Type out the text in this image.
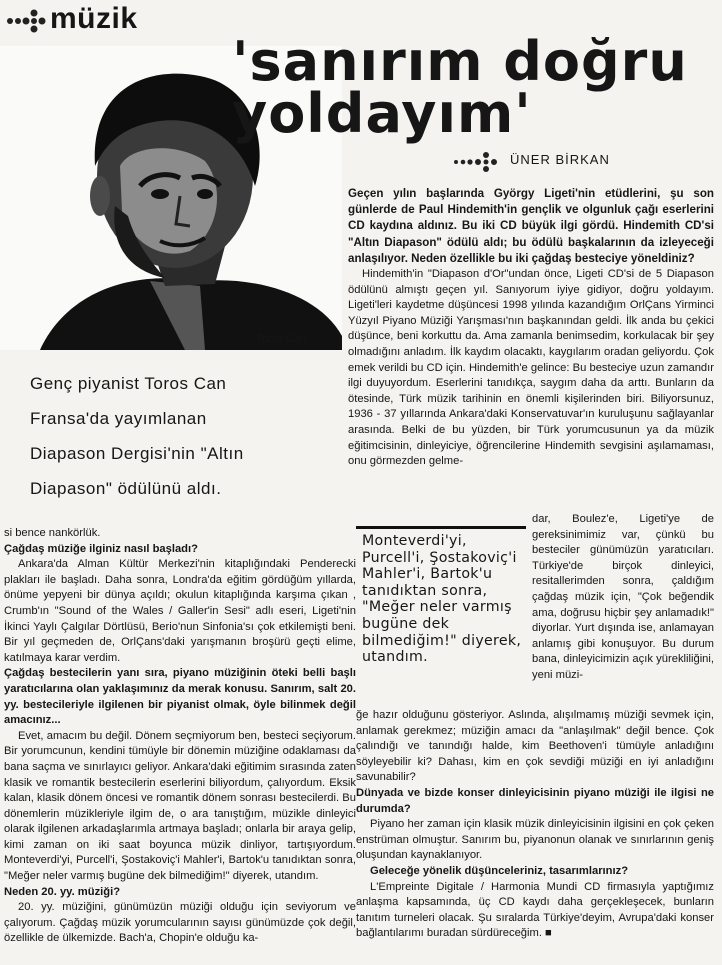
müzik
Toros Can
'sanırım doğru
yoldayım'
ÜNER BİRKAN
Genç piyanist Toros Can
Fransa'da yayımlanan
Diapason Dergisi'nin "Altın
Diapason" ödülünü aldı.
Geçen yılın başlarında György Ligeti'nin etüdlerini, şu son günlerde de Paul Hindemith'in gençlik ve olgunluk çağı eserlerini CD kaydına aldınız. Bu iki CD büyük ilgi gördü. Hindemith CD'si "Altın Diapason" ödülü aldı; bu ödülü başkalarının da izleyeceği anlaşılıyor. Neden özellikle bu iki çağdaş besteciye yöneldiniz?
Hindemith'in "Diapason d'Or"undan önce, Ligeti CD'si de 5 Diapason ödülünü almıştı geçen yıl. Sanıyorum iyiye gidiyor, doğru yoldayım. Ligeti'leri kaydetme düşüncesi 1998 yılında kazandığım OrlÇans Yirminci Yüzyıl Piyano Müziği Yarışması'nın başkanından geldi. İlk anda bu çekici düşünce, beni korkuttu da. Ama zamanla benimsedim, korkulacak bir şey olmadığını anladım. İlk kaydım olacaktı, kaygılarım oradan geliyordu. Çok emek verildi bu CD için. Hindemith'e gelince: Bu besteciye uzun zamandır ilgi duyuyordum. Eserlerini tanıdıkça, saygım daha da arttı. Bunların da ötesinde, Türk müzik tarihinin en önemli kişilerinden biri. Biliyorsunuz, 1936 - 37 yıllarında Ankara'daki Konservatuvar'ın kuruluşunu sağlayanlar arasında. Belki de bu yüzden, bir Türk yorumcusunun ya da müzik eğitimcisinin, dinleyiciye, öğrencilerine Hindemith sevgisini aşılamaması, onu görmezden gelme-
si bence nankörlük.
Çağdaş müziğe ilginiz nasıl başladı?
Ankara'da Alman Kültür Merkezi'nin kitaplığındaki Penderecki plakları ile başladı. Daha sonra, Londra'da eğitim gördüğüm yıllarda, önüme yepyeni bir dünya açıldı; okulun kitaplığında karşıma çıkan , Crumb'ın "Sound of the Wales / Galler'in Sesi" adlı eseri, Ligeti'nin İkinci Yaylı Çalgılar Dörtlüsü, Berio'nun Sinfonia'sı çok etkilemişti beni. Bir yıl geçmeden de, OrlÇans'daki yarışmanın broşürü geçti elime, katılmaya karar verdim.
Çağdaş bestecilerin yanı sıra, piyano müziğinin öteki belli başlı yaratıcılarına olan yaklaşımınız da merak konusu. Sanırım, salt 20. yy. bestecileriyle ilgilenen bir piyanist olmak, öyle bilinmek değil amacınız...
Evet, amacım bu değil. Dönem seçmiyorum ben, besteci seçiyorum. Bir yorumcunun, kendini tümüyle bir dönemin müziğine odaklaması da bana saçma ve sınırlayıcı geliyor. Ankara'daki eğitimim sırasında zaten klasik ve romantik bestecilerin eserlerini biliyordum, çalıyordum. Eksik kalan, klasik dönem öncesi ve romantik dönem sonrası bestecilerdi. Bu dönemlerin müzikleriyle ilgim de, o ara tanıştığım, müzikle dinleyici olarak ilgilenen arkadaşlarımla artmaya başladı; onlarla bir araya gelip, kimi zaman on iki saat boyunca müzik dinliyor, tartışıyordum. Monteverdi'yi, Purcell'i, Şostakoviç'i Mahler'i, Bartok'u tanıdıktan sonra, "Meğer neler varmış bugüne dek bilmediğim!" diyerek, utandım.
Neden 20. yy. müziği?
20. yy. müziğini, günümüzün müziği olduğu için seviyorum ve çalıyorum. Çağdaş müzik yorumcularının sayısı günümüzde çok değil, özellikle de ülkemizde. Bach'a, Chopin'e olduğu ka-
Monteverdi'yi, Purcell'i, Şostakoviç'i Mahler'i, Bartok'u tanıdıktan sonra, "Meğer neler varmış bugüne dek bilmediğim!" diyerek, utandım.
dar, Boulez'e, Ligeti'ye de gereksinimimiz var, çünkü bu besteciler günümüzün yaratıcıları. Türkiye'de birçok dinleyici, resitallerimden sonra, çaldığım çağdaş müzik için, "Çok beğendik ama, doğrusu hiçbir şey anlamadık!" diyorlar. Yurt dışında ise, anlamayan anlamış gibi konuşuyor. Bu durum bana, dinleyicimizin açık yürekliliğini, yeni müzi-
ğe hazır olduğunu gösteriyor. Aslında, alışılmamış müziği sevmek için, anlamak gerekmez; müziğin amacı da "anlaşılmak" değil bence. Çok çalındığı ve tanındığı halde, kim Beethoven'i tümüyle anladığını söyleyebilir ki? Dahası, kim en çok sevdiği müziği en iyi anladığını savunabilir?
Dünyada ve bizde konser dinleyicisinin piyano müziği ile ilgisi ne durumda?
Piyano her zaman için klasik müzik dinleyicisinin ilgisini en çok çeken enstrüman olmuştur. Sanırım bu, piyanonun olanak ve sınırlarının geniş oluşundan kaynaklanıyor.
Geleceğe yönelik düşünceleriniz, tasarımlarınız?
L'Empreinte Digitale / Harmonia Mundi CD firmasıyla yaptığımız anlaşma kapsamında, üç CD kaydı daha gerçekleşecek, bunların tanıtım turneleri olacak. Şu sıralarda Türkiye'deyim, Avrupa'daki konser bağlantılarımı buradan sürdüreceğim. ■
